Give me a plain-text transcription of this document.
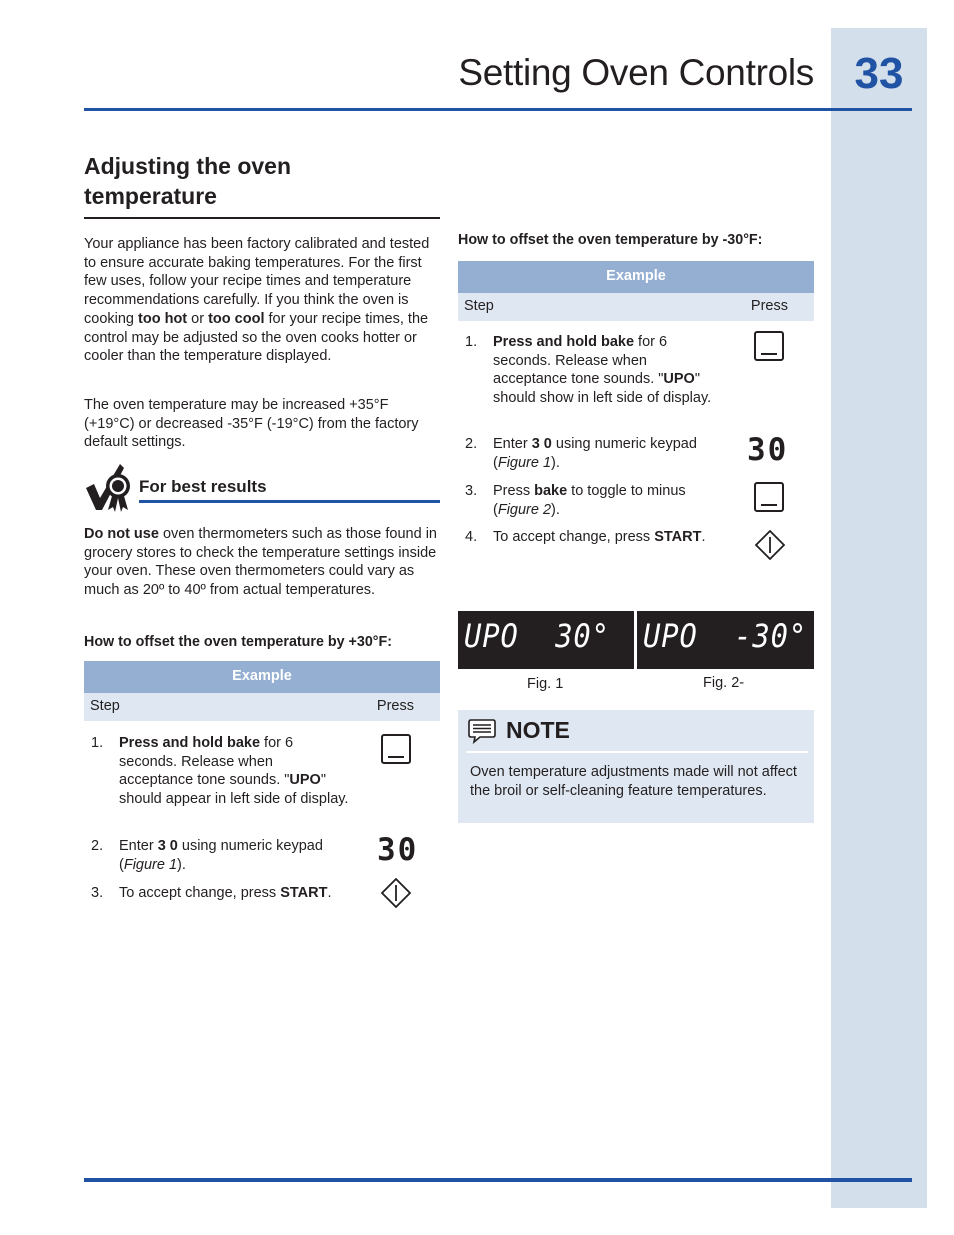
33
Setting Oven Controls
Adjusting the oven
temperature
Your appliance has been factory calibrated and tested to ensure accurate baking temperatures. For the first few uses, follow your recipe times and temperature recommendations carefully. If you think the oven is cooking too hot or too cool for your recipe times, the control may be adjusted so the oven cooks hotter or cooler than the temperature displayed.
The oven temperature may be increased +35°F (+19°C) or decreased -35°F (-19°C) from the factory default settings.
For best results
Do not use oven thermometers such as those found in grocery stores to check the temperature settings inside your oven. These oven thermometers could vary as much as 20º to 40º from actual temperatures.
How to offset the oven temperature by +30°F:
Example
Step	Press
1.	Press and hold bake for 6 seconds. Release when acceptance tone sounds. "UPO" should appear in left side of display.
2.	Enter 3 0 using numeric keypad (Figure 1).	30
3.	To accept change, press START.
How to offset the oven temperature by -30°F:
Example
Step	Press
1.	Press and hold bake for 6 seconds. Release when acceptance tone sounds. "UPO" should show in left side of display.
2.	Enter 3 0 using numeric keypad (Figure 1).	30
3.	Press bake to toggle to minus (Figure 2).
4.	To accept change, press START.
UPO  30° UPO  -30°
Fig. 1	Fig. 2-
NOTE
Oven temperature adjustments made will not affect the broil or self-cleaning feature temperatures.
